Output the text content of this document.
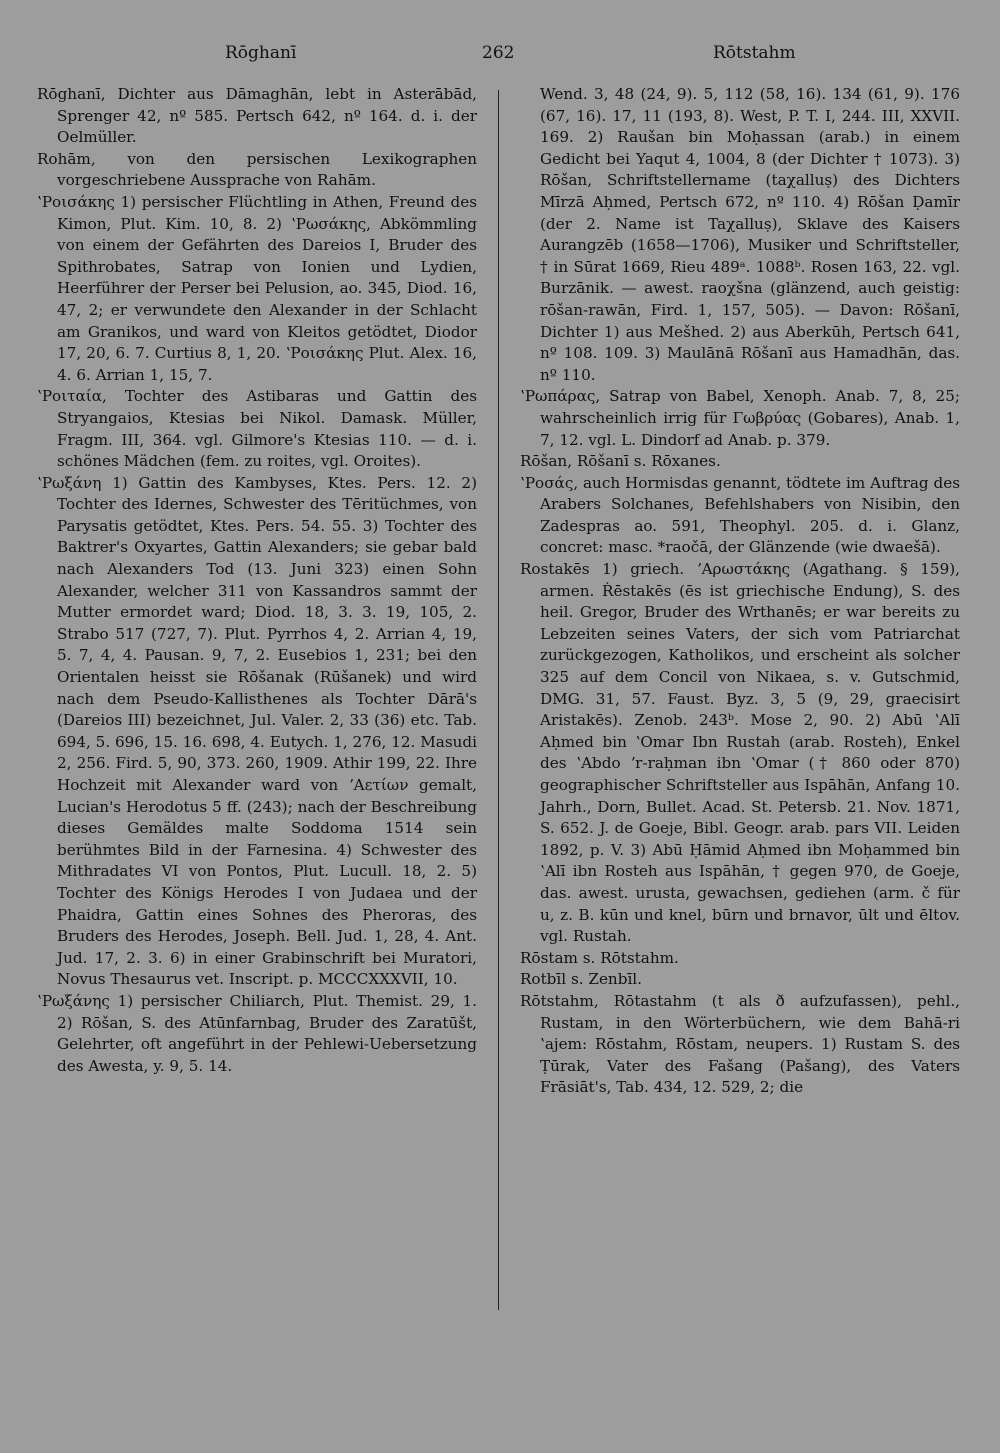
Rōghanī	262	Rōtstahm

Rōghanī, Dichter aus Dāmaghān, lebt in Asterābād, Sprenger 42, nº 585. Pertsch 642, nº 164. d. i. der Oelmüller.

Rohām, von den persischen Lexikographen vorgeschriebene Aussprache von Rahām.

ʽΡοισάκης 1) persischer Flüchtling in Athen, Freund des Kimon, Plut. Kim. 10, 8. 2) ʽΡωσάκης, Abkömmling von einem der Gefährten des Dareios I, Bruder des Spithrobates, Satrap von Ionien und Lydien, Heerführer der Perser bei Pelusion, ao. 345, Diod. 16, 47, 2; er verwundete den Alexander in der Schlacht am Granikos, und ward von Kleitos getödtet, Diodor 17, 20, 6. 7. Curtius 8, 1, 20. ʽΡοισάκης Plut. Alex. 16, 4. 6. Arrian 1, 15, 7.

ʽΡοιταία, Tochter des Astibaras und Gattin des Stryangaios, Ktesias bei Nikol. Damask. Müller, Fragm. III, 364. vgl. Gilmore's Ktesias 110. — d. i. schönes Mädchen (fem. zu roites, vgl. Oroites).

ʽΡωξάνη 1) Gattin des Kambyses, Ktes. Pers. 12. 2) Tochter des Idernes, Schwester des Tēritüchmes, von Parysatis getödtet, Ktes. Pers. 54. 55. 3) Tochter des Baktrer's Oxyartes, Gattin Alexanders; sie gebar bald nach Alexanders Tod (13. Juni 323) einen Sohn Alexander, welcher 311 von Kassandros sammt der Mutter ermordet ward; Diod. 18, 3. 3. 19, 105, 2. Strabo 517 (727, 7). Plut. Pyrrhos 4, 2. Arrian 4, 19, 5. 7, 4, 4. Pausan. 9, 7, 2. Eusebios 1, 231; bei den Orientalen heisst sie Rōšanak (Rūšanek) und wird nach dem Pseudo-Kallisthenes als Tochter Dārā's (Dareios III) bezeichnet, Jul. Valer. 2, 33 (36) etc. Tab. 694, 5. 696, 15. 16. 698, 4. Eutych. 1, 276, 12. Masudi 2, 256. Fird. 5, 90, 373. 260, 1909. Athir 199, 22. Ihre Hochzeit mit Alexander ward von ʼΑετίων gemalt, Lucian's Herodotus 5 ff. (243); nach der Beschreibung dieses Gemäldes malte Soddoma 1514 sein berühmtes Bild in der Farnesina. 4) Schwester des Mithradates VI von Pontos, Plut. Lucull. 18, 2. 5) Tochter des Königs Herodes I von Judaea und der Phaidra, Gattin eines Sohnes des Pheroras, des Bruders des Herodes, Joseph. Bell. Jud. 1, 28, 4. Ant. Jud. 17, 2. 3. 6) in einer Grabinschrift bei Muratori, Novus Thesaurus vet. Inscript. p. MCCCXXXVII, 10.

ʽΡωξάνης 1) persischer Chiliarch, Plut. Themist. 29, 1. 2) Rōšan, S. des Atūnfarnbag, Bruder des Zaratūšt, Gelehrter, oft angeführt in der Pehlewi-Uebersetzung des Awesta, y. 9, 5. 14.

Wend. 3, 48 (24, 9). 5, 112 (58, 16). 134 (61, 9). 176 (67, 16). 17, 11 (193, 8). West, P. T. I, 244. III, XXVII. 169. 2) Raušan bin Moḥassan (arab.) in einem Gedicht bei Yaqut 4, 1004, 8 (der Dichter † 1073). 3) Rōšan, Schriftstellername (taχalluṣ) des Dichters Mīrzā Aḥmed, Pertsch 672, nº 110. 4) Rōšan Ḍamīr (der 2. Name ist Taχalluṣ), Sklave des Kaisers Aurangzēb (1658—1706), Musiker und Schriftsteller, † in Sūrat 1669, Rieu 489ᵃ. 1088ᵇ. Rosen 163, 22. vgl. Burzānik. — awest. raoχšna (glänzend, auch geistig: rōšan-rawān, Fird. 1, 157, 505). — Davon: Rōšanī, Dichter 1) aus Mešhed. 2) aus Aberkūh, Pertsch 641, nº 108. 109. 3) Maulānā Rōšanī aus Hamadhān, das. nº 110.

ʽΡωπάρας, Satrap von Babel, Xenoph. Anab. 7, 8, 25; wahrscheinlich irrig für Γωβρύας (Gobares), Anab. 1, 7, 12. vgl. L. Dindorf ad Anab. p. 379.

Rōšan, Rōšanī s. Rōxanes.

ʽΡοσάς, auch Hormisdas genannt, tödtete im Auftrag des Arabers Solchanes, Befehlshabers von Nisibin, den Zadespras ao. 591, Theophyl. 205. d. i. Glanz, concret: masc. *raočā, der Glänzende (wie dwaešā).

Rostakēs 1) griech. ʼΑρωστάκης (Agathang. § 159), armen. Ṙēstakēs (ēs ist griechische Endung), S. des heil. Gregor, Bruder des Wrthanēs; er war bereits zu Lebzeiten seines Vaters, der sich vom Patriarchat zurückgezogen, Katholikos, und erscheint als solcher 325 auf dem Concil von Nikaea, s. v. Gutschmid, DMG. 31, 57. Faust. Byz. 3, 5 (9, 29, graecisirt Aristakēs). Zenob. 243ᵇ. Mose 2, 90. 2) Abū ʽAlī Aḥmed bin ʽOmar Ibn Rustah (arab. Rosteh), Enkel des ʽAbdo ʼr-raḥman ibn ʽOmar († 860 oder 870) geographischer Schriftsteller aus Ispāhān, Anfang 10. Jahrh., Dorn, Bullet. Acad. St. Petersb. 21. Nov. 1871, S. 652. J. de Goeje, Bibl. Geogr. arab. pars VII. Leiden 1892, p. V. 3) Abū Ḥāmid Aḥmed ibn Moḥammed bin ʽAlī ibn Rosteh aus Ispāhān, † gegen 970, de Goeje, das. awest. urusta, gewachsen, gediehen (arm. č für u, z. B. kūn und knel, būrn und brnavor, ūlt und ēltov. vgl. Rustah.

Rōstam s. Rōtstahm.

Rotbīl s. Zenbīl.

Rōtstahm, Rōtastahm (t als ð aufzufassen), pehl., Rustam, in den Wörterbüchern, wie dem Bahā-ri ʽajem: Rōstahm, Rōstam, neupers. 1) Rustam S. des Ṭūrak, Vater des Fašang (Pašang), des Vaters Frāsiāt's, Tab. 434, 12. 529, 2; die
